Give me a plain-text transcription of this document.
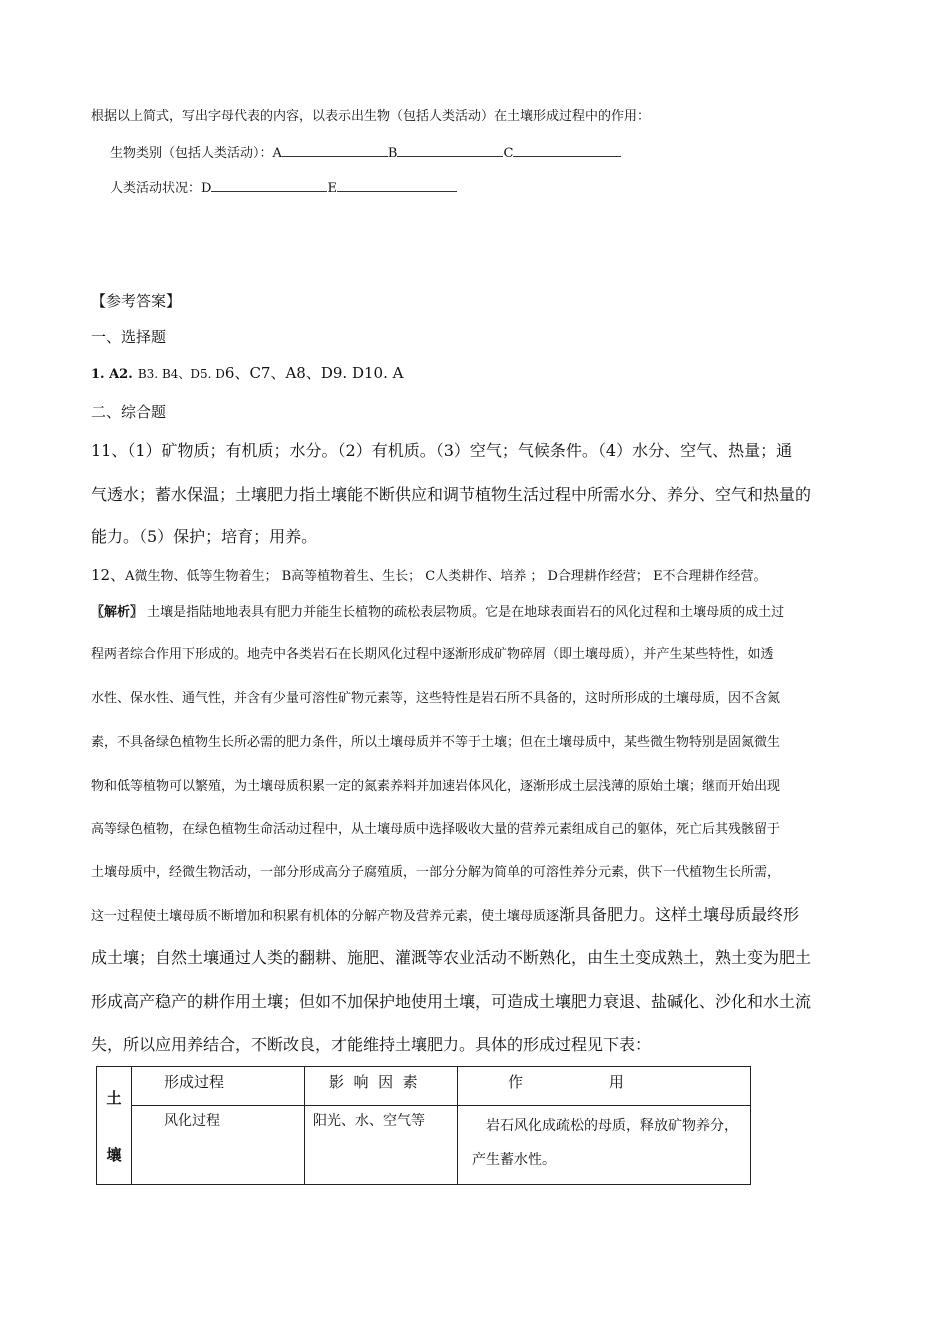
根据以上简式，写出字母代表的内容，以表示出生物（包括人类活动）在土壤形成过程中的作用：
生物类别（包括人类活动）：A	B	C
人类活动状况：D	E
【参考答案】
一、选择题
1. A2. B3. B4、D5. D6、C7、A8、D9. D10. A
二、综合题
11、（1）矿物质；有机质；水分。（2）有机质。（3）空气；气候条件。（4）水分、空气、热量；通
气透水；蓄水保温；土壤肥力指土壤能不断供应和调节植物生活过程中所需水分、养分、空气和热量的
能力。（5）保护；培育；用养。
12、A微生物、低等生物着生； B高等植物着生、生长； C人类耕作、培养 ； D合理耕作经营； E不合理耕作经营。
〖解析〗 土壤是指陆地地表具有肥力并能生长植物的疏松表层物质。它是在地球表面岩石的风化过程和土壤母质的成土过
程两者综合作用下形成的。地壳中各类岩石在长期风化过程中逐渐形成矿物碎屑（即土壤母质），并产生某些特性，如透
水性、保水性、通气性，并含有少量可溶性矿物元素等，这些特性是岩石所不具备的，这时所形成的土壤母质，因不含氮
素，不具备绿色植物生长所必需的肥力条件，所以土壤母质并不等于土壤；但在土壤母质中，某些微生物特别是固氮微生
物和低等植物可以繁殖，为土壤母质积累一定的氮素养料并加速岩体风化，逐渐形成土层浅薄的原始土壤；继而开始出现
高等绿色植物，在绿色植物生命活动过程中，从土壤母质中选择吸收大量的营养元素组成自己的躯体，死亡后其残骸留于
土壤母质中，经微生物活动，一部分形成高分子腐殖质，一部分分解为简单的可溶性养分元素，供下一代植物生长所需，
这一过程使土壤母质不断增加和积累有机体的分解产物及营养元素，使土壤母质逐渐具备肥力。这样土壤母质最终形
成土壤；自然土壤通过人类的翻耕、施肥、灌溉等农业活动不断熟化，由生土变成熟土，熟土变为肥土
形成高产稳产的耕作用土壤；但如不加保护地使用土壤，可造成土壤肥力衰退、盐碱化、沙化和水土流
失，所以应用养结合，不断改良，才能维持土壤肥力。具体的形成过程见下表：
土
壤	形成过程	影  响  因  素	作                  用
	风化过程	阳光、水、空气等	岩石风化成疏松的母质，释放矿物养分，产生蓄水性。
